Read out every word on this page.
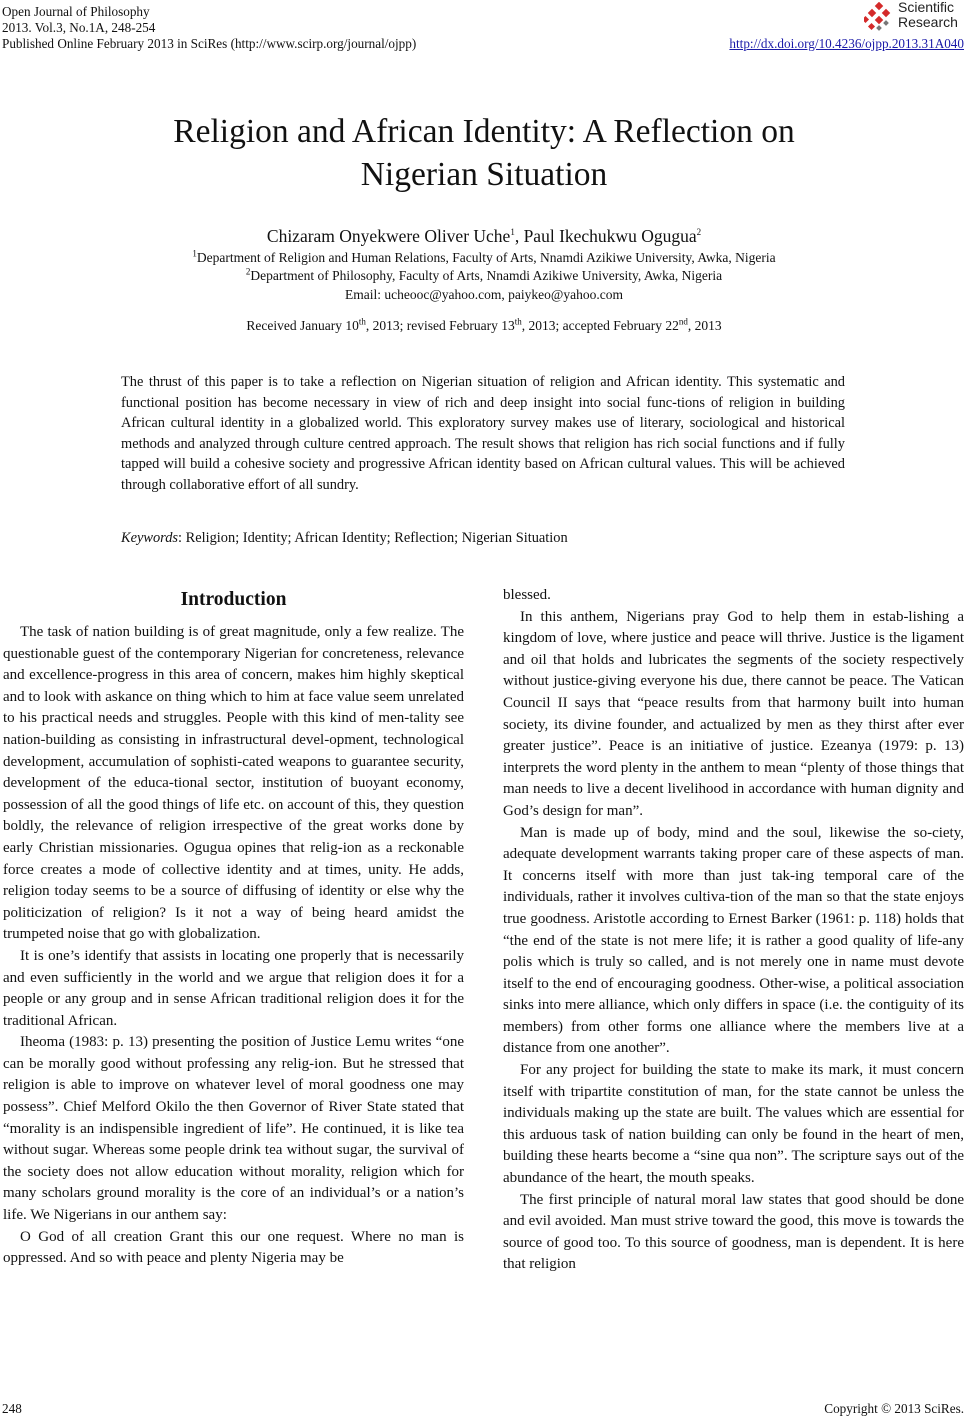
Open Journal of Philosophy
2013. Vol.3, No.1A, 248-254
Published Online February 2013 in SciRes (http://www.scirp.org/journal/ojpp)
Scientific
Research
http://dx.doi.org/10.4236/ojpp.2013.31A040
Religion and African Identity: A Reflection on Nigerian Situation
Chizaram Onyekwere Oliver Uche$^1$, Paul Ikechukwu Ogugua$^2$
$^1$Department of Religion and Human Relations, Faculty of Arts, Nnamdi Azikiwe University, Awka, Nigeria
$^2$Department of Philosophy, Faculty of Arts, Nnamdi Azikiwe University, Awka, Nigeria
Email: ucheooc@yahoo.com, paiykeo@yahoo.com
Received January 10th, 2013; revised February 13th, 2013; accepted February 22nd, 2013

The thrust of this paper is to take a reflection on Nigerian situation of religion and African identity. This systematic and functional position has become necessary in view of rich and deep insight into social func-tions of religion in building African cultural identity in a globalized world. This exploratory survey makes use of literary, sociological and historical methods and analyzed through culture centred approach. The result shows that religion has rich social functions and if fully tapped will build a cohesive society and progressive African identity based on African cultural values. This will be achieved through collaborative effort of all sundry.

Keywords: Religion; Identity; African Identity; Reflection; Nigerian Situation
Introduction

The task of nation building is of great magnitude, only a few realize. The questionable guest of the contemporary Nigerian for concreteness, relevance and excellence-progress in this area of concern, makes him highly skeptical and to look with askance on thing which to him at face value seem unrelated to his practical needs and struggles. People with this kind of men-tality see nation-building as consisting in infrastructural devel-opment, technological development, accumulation of sophisti-cated weapons to guarantee security, development of the educa-tional sector, institution of buoyant economy, possession of all the good things of life etc. on account of this, they question boldly, the relevance of religion irrespective of the great works done by early Christian missionaries. Ogugua opines that relig-ion as a reckonable force creates a mode of collective identity and at times, unity. He adds, religion today seems to be a source of diffusing of identity or else why the politicization of religion? Is it not a way of being heard amidst the trumpeted noise that go with globalization.

It is one’s identify that assists in locating one properly that is necessarily and even sufficiently in the world and we argue that religion does it for a people or any group and in sense African traditional religion does it for the traditional African.

Iheoma (1983: p. 13) presenting the position of Justice Lemu writes “one can be morally good without professing any relig-ion. But he stressed that religion is able to improve on whatever level of moral goodness one may possess”. Chief Melford Okilo the then Governor of River State stated that “morality is an indispensible ingredient of life”. He continued, it is like tea without sugar. Whereas some people drink tea without sugar, the survival of the society does not allow education without morality, religion which for many scholars ground morality is the core of an individual’s or a nation’s life. We Nigerians in our anthem say:

O God of all creation Grant this our one request. Where no man is oppressed. And so with peace and plenty Nigeria may be

blessed.

In this anthem, Nigerians pray God to help them in estab-lishing a kingdom of love, where justice and peace will thrive. Justice is the ligament and oil that holds and lubricates the segments of the society respectively without justice-giving everyone his due, there cannot be peace. The Vatican Council II says that “peace results from that harmony built into human society, its divine founder, and actualized by men as they thirst after ever greater justice”. Peace is an initiative of justice. Ezeanya (1979: p. 13) interprets the word plenty in the anthem to mean “plenty of those things that man needs to live a decent livelihood in accordance with human dignity and God’s design for man”.

Man is made up of body, mind and the soul, likewise the so-ciety, adequate development warrants taking proper care of these aspects of man. It concerns itself with more than just tak-ing temporal care of the individuals, rather it involves cultiva-tion of the man so that the state enjoys true goodness. Aristotle according to Ernest Barker (1961: p. 118) holds that “the end of the state is not mere life; it is rather a good quality of life-any polis which is truly so called, and is not merely one in name must devote itself to the end of encouraging goodness. Other-wise, a political association sinks into mere alliance, which only differs in space (i.e. the contiguity of its members) from other forms one alliance where the members live at a distance from one another”.

For any project for building the state to make its mark, it must concern itself with tripartite constitution of man, for the state cannot be unless the individuals making up the state are built. The values which are essential for this arduous task of nation building can only be found in the heart of men, building these hearts become a “sine qua non”. The scripture says out of the abundance of the heart, the mouth speaks.

The first principle of natural moral law states that good should be done and evil avoided. Man must strive toward the good, this move is towards the source of good too. To this source of goodness, man is dependent. It is here that religion

248	Copyright © 2013 SciRes.
